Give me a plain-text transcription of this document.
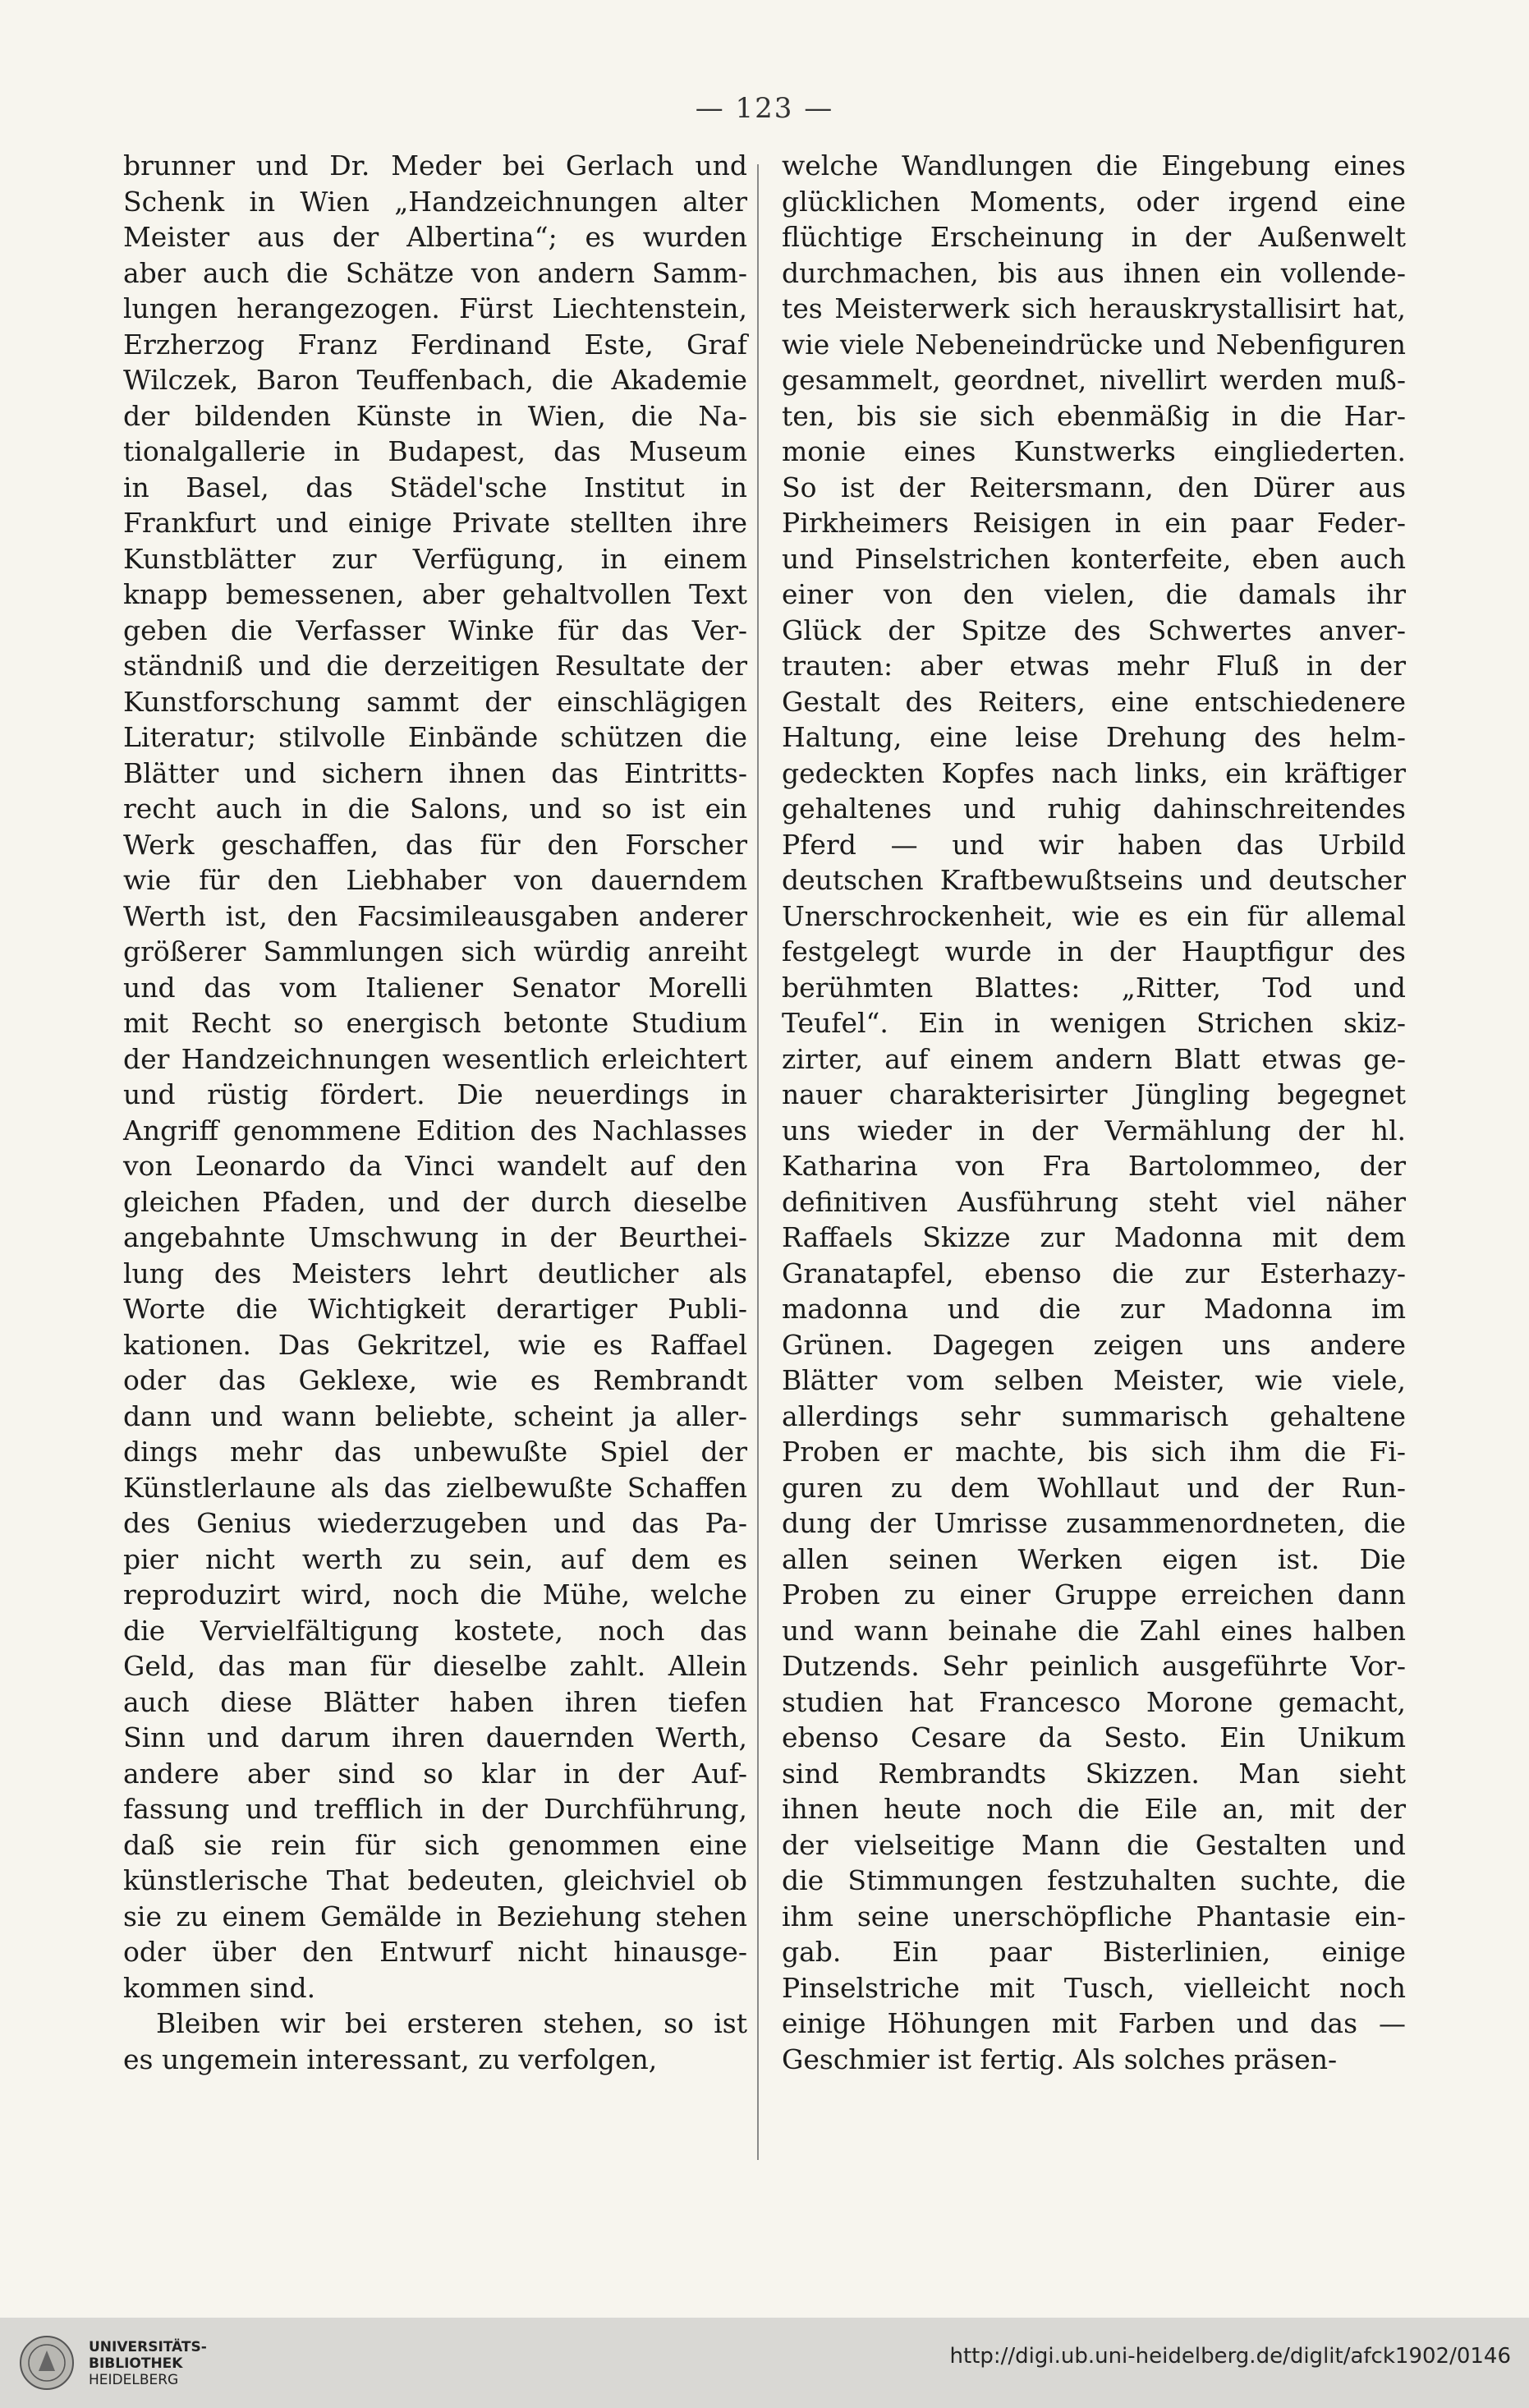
— 123 —
brunner und Dr. Meder bei Gerlach und
Schenk in Wien „Handzeichnungen alter
Meister aus der Albertina“; es wurden
aber auch die Schätze von andern Samm-
lungen herangezogen. Fürst Liechtenstein,
Erzherzog Franz Ferdinand Este, Graf
Wilczek, Baron Teuffenbach, die Akademie
der bildenden Künste in Wien, die Na-
tionalgallerie in Budapest, das Museum
in Basel, das Städel'sche Institut in
Frankfurt und einige Private stellten ihre
Kunstblätter zur Verfügung, in einem
knapp bemessenen, aber gehaltvollen Text
geben die Verfasser Winke für das Ver-
ständniß und die derzeitigen Resultate der
Kunstforschung sammt der einschlägigen
Literatur; stilvolle Einbände schützen die
Blätter und sichern ihnen das Eintritts-
recht auch in die Salons, und so ist ein
Werk geschaffen, das für den Forscher
wie für den Liebhaber von dauerndem
Werth ist, den Facsimileausgaben anderer
größerer Sammlungen sich würdig anreiht
und das vom Italiener Senator Morelli
mit Recht so energisch betonte Studium
der Handzeichnungen wesentlich erleichtert
und rüstig fördert. Die neuerdings in
Angriff genommene Edition des Nachlasses
von Leonardo da Vinci wandelt auf den
gleichen Pfaden, und der durch dieselbe
angebahnte Umschwung in der Beurthei-
lung des Meisters lehrt deutlicher als
Worte die Wichtigkeit derartiger Publi-
kationen. Das Gekritzel, wie es Raffael
oder das Geklexe, wie es Rembrandt
dann und wann beliebte, scheint ja aller-
dings mehr das unbewußte Spiel der
Künstlerlaune als das zielbewußte Schaffen
des Genius wiederzugeben und das Pa-
pier nicht werth zu sein, auf dem es
reproduzirt wird, noch die Mühe, welche
die Vervielfältigung kostete, noch das
Geld, das man für dieselbe zahlt. Allein
auch diese Blätter haben ihren tiefen
Sinn und darum ihren dauernden Werth,
andere aber sind so klar in der Auf-
fassung und trefflich in der Durchführung,
daß sie rein für sich genommen eine
künstlerische That bedeuten, gleichviel ob
sie zu einem Gemälde in Beziehung stehen
oder über den Entwurf nicht hinausge-
kommen sind.
Bleiben wir bei ersteren stehen, so ist
es ungemein interessant, zu verfolgen,
welche Wandlungen die Eingebung eines
glücklichen Moments, oder irgend eine
flüchtige Erscheinung in der Außenwelt
durchmachen, bis aus ihnen ein vollende-
tes Meisterwerk sich herauskrystallisirt hat,
wie viele Nebeneindrücke und Nebenfiguren
gesammelt, geordnet, nivellirt werden muß-
ten, bis sie sich ebenmäßig in die Har-
monie eines Kunstwerks eingliederten.
So ist der Reitersmann, den Dürer aus
Pirkheimers Reisigen in ein paar Feder-
und Pinselstrichen konterfeite, eben auch
einer von den vielen, die damals ihr
Glück der Spitze des Schwertes anver-
trauten: aber etwas mehr Fluß in der
Gestalt des Reiters, eine entschiedenere
Haltung, eine leise Drehung des helm-
gedeckten Kopfes nach links, ein kräftiger
gehaltenes und ruhig dahinschreitendes
Pferd — und wir haben das Urbild
deutschen Kraftbewußtseins und deutscher
Unerschrockenheit, wie es ein für allemal
festgelegt wurde in der Hauptfigur des
berühmten Blattes: „Ritter, Tod und
Teufel“. Ein in wenigen Strichen skiz-
zirter, auf einem andern Blatt etwas ge-
nauer charakterisirter Jüngling begegnet
uns wieder in der Vermählung der hl.
Katharina von Fra Bartolommeo, der
definitiven Ausführung steht viel näher
Raffaels Skizze zur Madonna mit dem
Granatapfel, ebenso die zur Esterhazy-
madonna und die zur Madonna im
Grünen. Dagegen zeigen uns andere
Blätter vom selben Meister, wie viele,
allerdings sehr summarisch gehaltene
Proben er machte, bis sich ihm die Fi-
guren zu dem Wohllaut und der Run-
dung der Umrisse zusammenordneten, die
allen seinen Werken eigen ist. Die
Proben zu einer Gruppe erreichen dann
und wann beinahe die Zahl eines halben
Dutzends. Sehr peinlich ausgeführte Vor-
studien hat Francesco Morone gemacht,
ebenso Cesare da Sesto. Ein Unikum
sind Rembrandts Skizzen. Man sieht
ihnen heute noch die Eile an, mit der
der vielseitige Mann die Gestalten und
die Stimmungen festzuhalten suchte, die
ihm seine unerschöpfliche Phantasie ein-
gab. Ein paar Bisterlinien, einige
Pinselstriche mit Tusch, vielleicht noch
einige Höhungen mit Farben und das —
Geschmier ist fertig. Als solches präsen-
UNIVERSITÄTS-
BIBLIOTHEK
HEIDELBERG
http://digi.ub.uni-heidelberg.de/diglit/afck1902/0146
